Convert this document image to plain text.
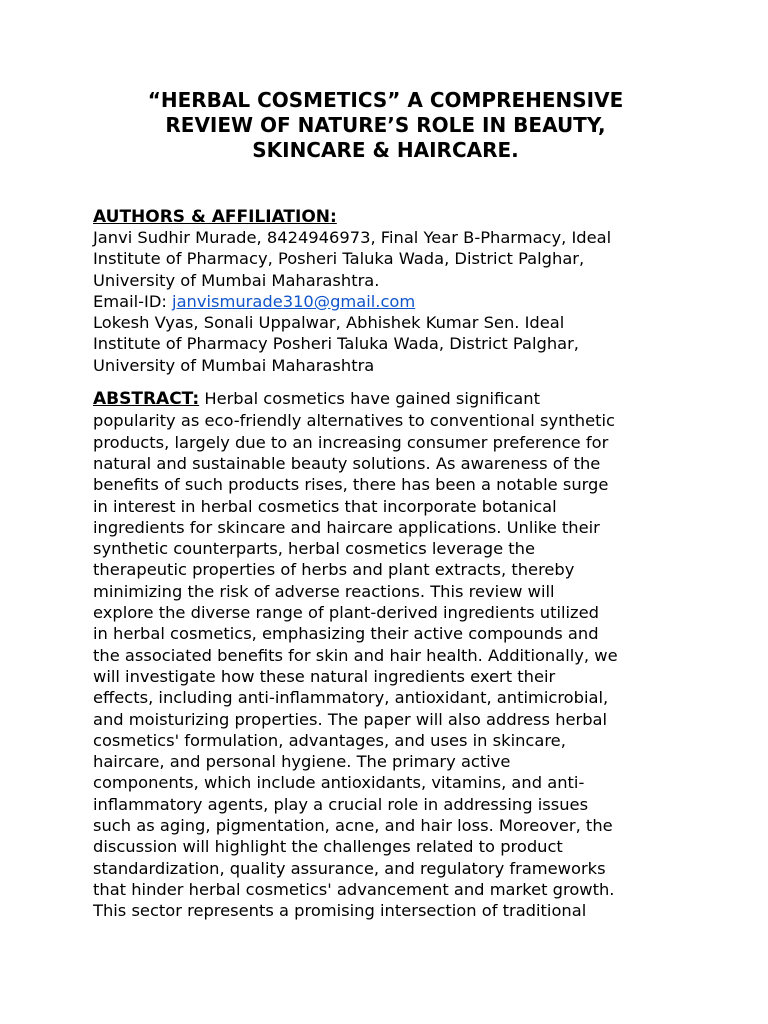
“HERBAL COSMETICS” A COMPREHENSIVE
REVIEW OF NATURE’S ROLE IN BEAUTY,
SKINCARE & HAIRCARE.
AUTHORS & AFFILIATION:
Janvi Sudhir Murade, 8424946973, Final Year B-Pharmacy, Ideal
Institute of Pharmacy, Posheri Taluka Wada, District Palghar,
University of Mumbai Maharashtra.
Email-ID: janvismurade310@gmail.com
Lokesh Vyas, Sonali Uppalwar, Abhishek Kumar Sen. Ideal
Institute of Pharmacy Posheri Taluka Wada, District Palghar,
University of Mumbai Maharashtra
ABSTRACT: Herbal cosmetics have gained significant
popularity as eco-friendly alternatives to conventional synthetic
products, largely due to an increasing consumer preference for
natural and sustainable beauty solutions. As awareness of the
benefits of such products rises, there has been a notable surge
in interest in herbal cosmetics that incorporate botanical
ingredients for skincare and haircare applications. Unlike their
synthetic counterparts, herbal cosmetics leverage the
therapeutic properties of herbs and plant extracts, thereby
minimizing the risk of adverse reactions. This review will
explore the diverse range of plant-derived ingredients utilized
in herbal cosmetics, emphasizing their active compounds and
the associated benefits for skin and hair health. Additionally, we
will investigate how these natural ingredients exert their
effects, including anti-inflammatory, antioxidant, antimicrobial,
and moisturizing properties. The paper will also address herbal
cosmetics' formulation, advantages, and uses in skincare,
haircare, and personal hygiene. The primary active
components, which include antioxidants, vitamins, and anti-
inflammatory agents, play a crucial role in addressing issues
such as aging, pigmentation, acne, and hair loss. Moreover, the
discussion will highlight the challenges related to product
standardization, quality assurance, and regulatory frameworks
that hinder herbal cosmetics' advancement and market growth.
This sector represents a promising intersection of traditional
